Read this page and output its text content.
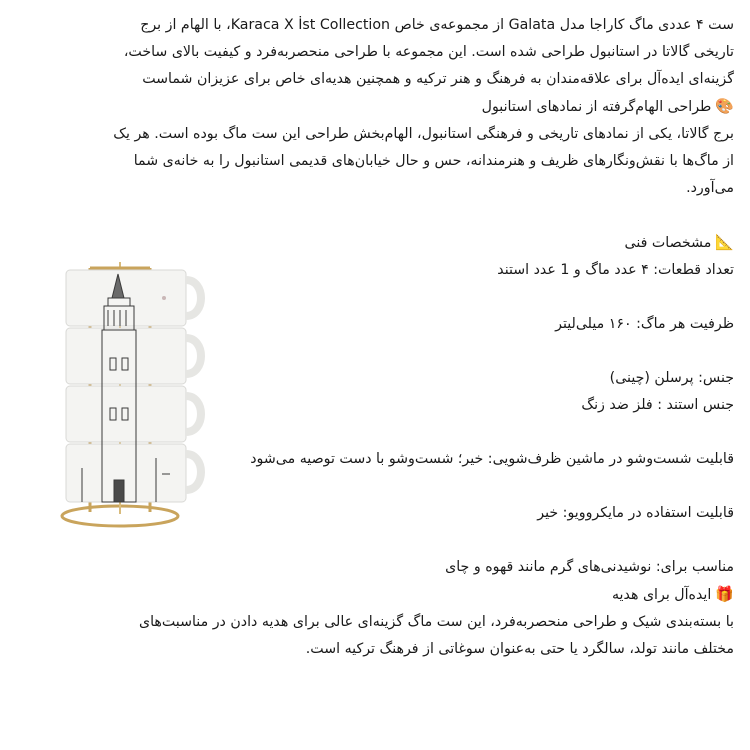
ست ۴ عددی ماگ کاراجا مدل Galata از مجموعه‌ی خاص Karaca X İst Collection، با الهام از برج

تاریخی گالاتا در استانبول طراحی شده است. این مجموعه با طراحی منحصربه‌فرد و کیفیت بالای ساخت،

گزینه‌ای ایده‌آل برای علاقه‌مندان به فرهنگ و هنر ترکیه و همچنین هدیه‌ای خاص برای عزیزان شماست

🎨طراحی الهام‌گرفته از نمادهای استانبول

برج گالاتا، یکی از نمادهای تاریخی و فرهنگی استانبول، الهام‌بخش طراحی این ست ماگ بوده است. هر یک

از ماگ‌ها با نقش‌ونگارهای ظریف و هنرمندانه، حس و حال خیابان‌های قدیمی استانبول را به خانه‌ی شما

می‌آورد.

📐مشخصات فنی

تعداد قطعات: ۴ عدد ماگ و 1 عدد استند

ظرفیت هر ماگ: ۱۶۰ میلی‌لیتر

جنس: پرسلن (چینی)

جنس استند : فلز ضد زنگ

قابلیت شست‌وشو در ماشین ظرف‌شویی: خیر؛ شست‌وشو با دست توصیه می‌شود

قابلیت استفاده در مایکروویو: خیر

مناسب برای: نوشیدنی‌های گرم مانند قهوه و چای

🎁ایده‌آل برای هدیه

با بسته‌بندی شیک و طراحی منحصربه‌فرد، این ست ماگ گزینه‌ای عالی برای هدیه دادن در مناسبت‌های

مختلف مانند تولد، سالگرد یا حتی به‌عنوان سوغاتی از فرهنگ ترکیه است.
